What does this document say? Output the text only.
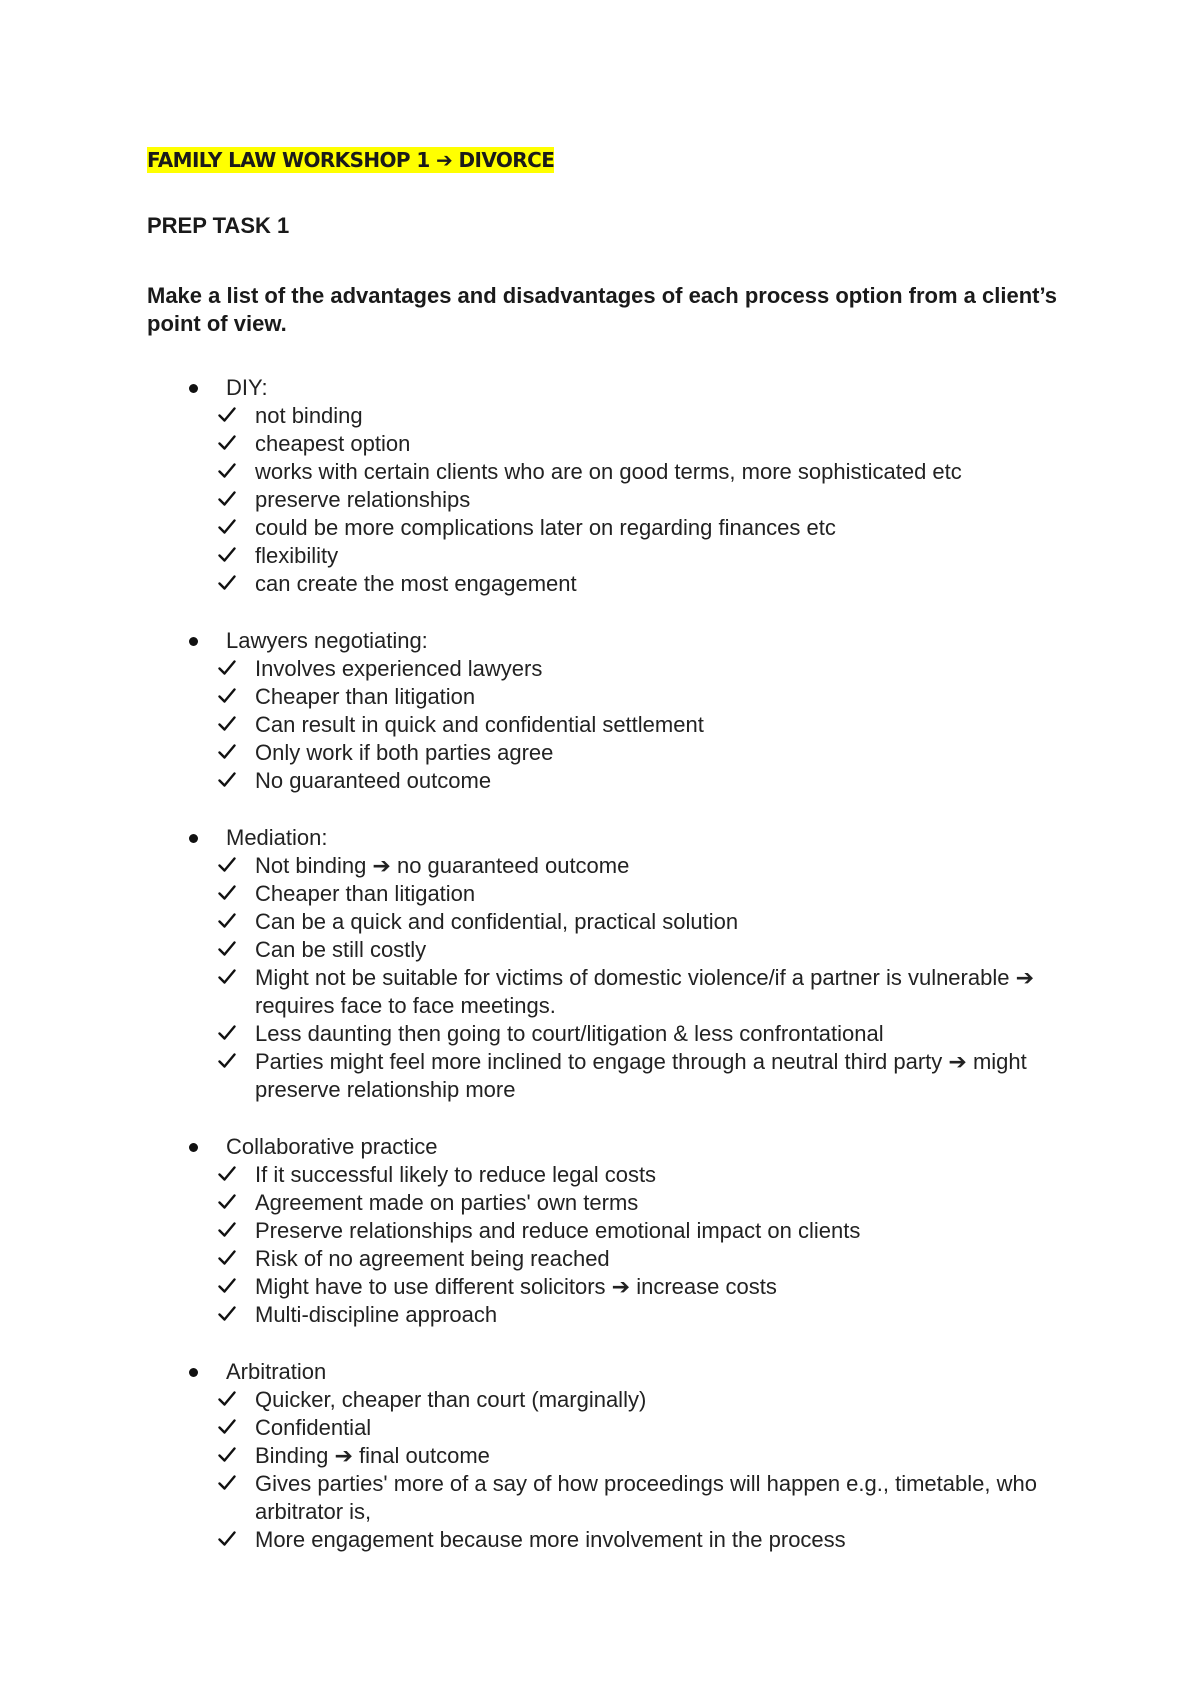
FAMILY LAW WORKSHOP 1 ➔ DIVORCE
PREP TASK 1

Make a list of the advantages and disadvantages of each process option from a client’s point of view.

DIY:
not binding
cheapest option
works with certain clients who are on good terms, more sophisticated etc
preserve relationships
could be more complications later on regarding finances etc
flexibility
can create the most engagement
Lawyers negotiating:
Involves experienced lawyers
Cheaper than litigation
Can result in quick and confidential settlement
Only work if both parties agree
No guaranteed outcome
Mediation:
Not binding ➔ no guaranteed outcome
Cheaper than litigation
Can be a quick and confidential, practical solution
Can be still costly
Might not be suitable for victims of domestic violence/if a partner is vulnerable ➔ requires face to face meetings.
Less daunting then going to court/litigation & less confrontational
Parties might feel more inclined to engage through a neutral third party ➔ might preserve relationship more
Collaborative practice
If it successful likely to reduce legal costs
Agreement made on parties' own terms
Preserve relationships and reduce emotional impact on clients
Risk of no agreement being reached
Might have to use different solicitors ➔ increase costs
Multi-discipline approach
Arbitration
Quicker, cheaper than court (marginally)
Confidential
Binding ➔ final outcome
Gives parties' more of a say of how proceedings will happen e.g., timetable, who arbitrator is,
More engagement because more involvement in the process
